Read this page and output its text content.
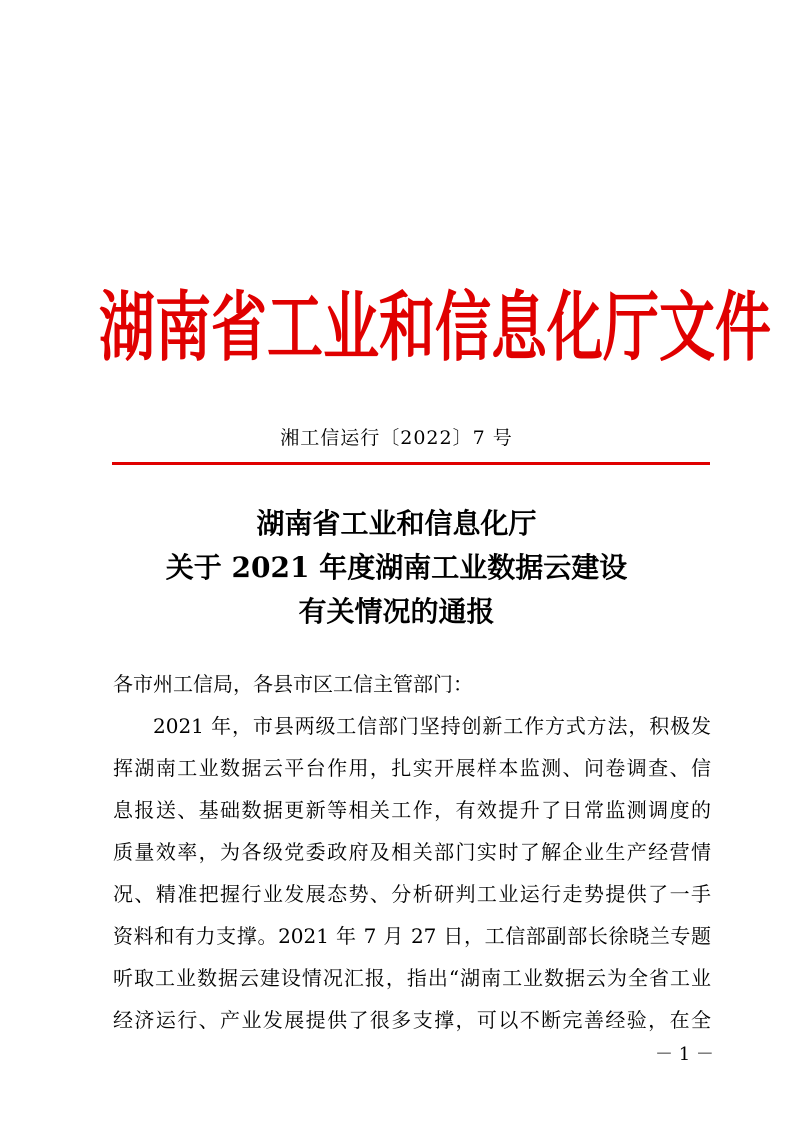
湖南省工业和信息化厅文件
湘工信运行〔2022〕7 号
湖南省工业和信息化厅
关于 2021 年度湖南工业数据云建设
有关情况的通报
各市州工信局，各县市区工信主管部门：
2021 年，市县两级工信部门坚持创新工作方式方法，积极发
挥湖南工业数据云平台作用，扎实开展样本监测、问卷调查、信
息报送、基础数据更新等相关工作，有效提升了日常监测调度的
质量效率，为各级党委政府及相关部门实时了解企业生产经营情
况、精准把握行业发展态势、分析研判工业运行走势提供了一手
资料和有力支撑。2021 年 7 月 27 日，工信部副部长徐晓兰专题
听取工业数据云建设情况汇报，指出“湖南工业数据云为全省工业
经济运行、产业发展提供了很多支撑，可以不断完善经验，在全
－ 1 －
